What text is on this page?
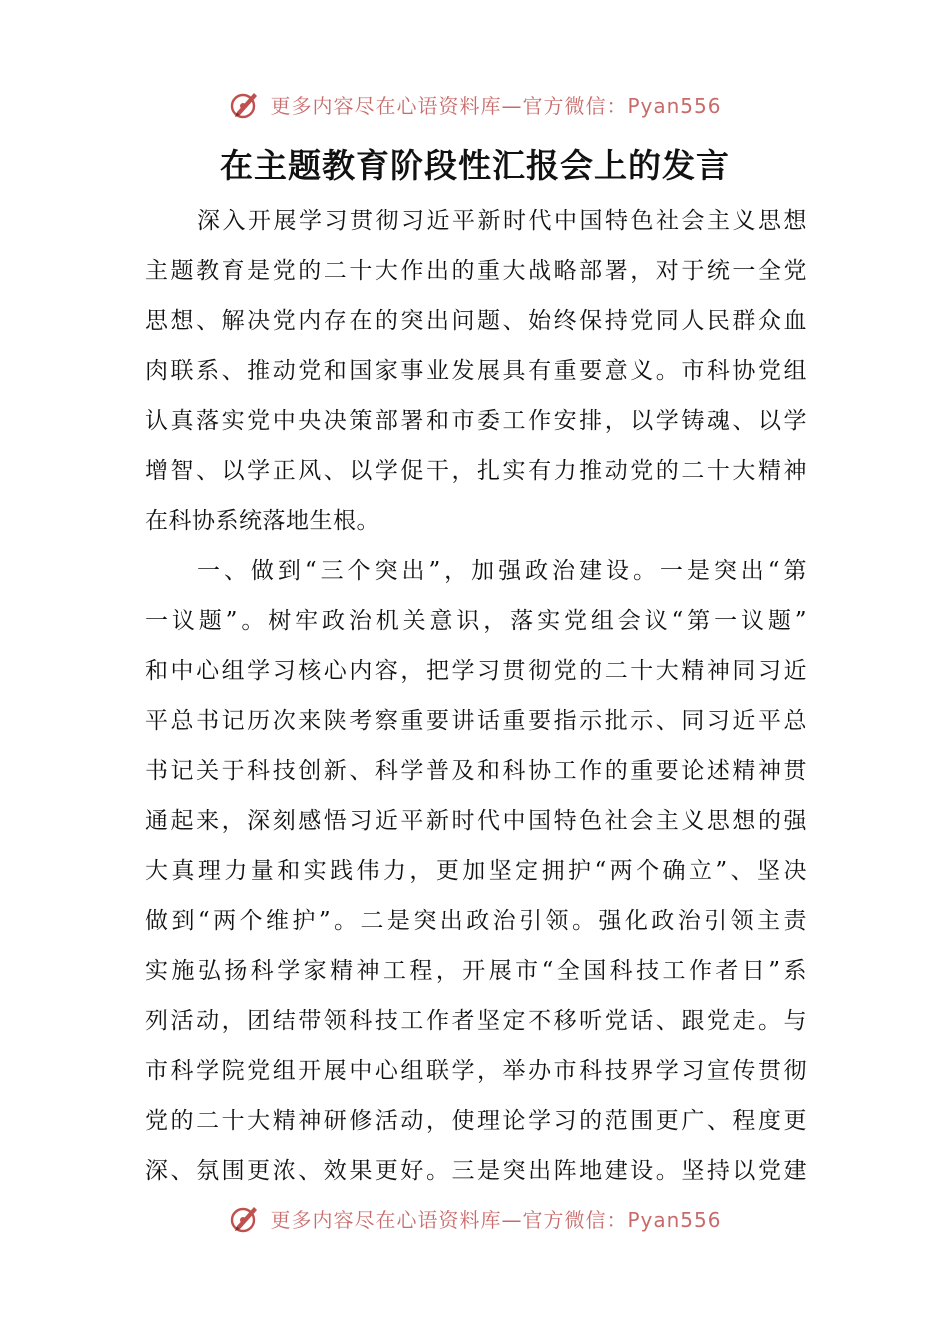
更多内容尽在心语资料库—官方微信：Pyan556
在主题教育阶段性汇报会上的发言
深入开展学习贯彻习近平新时代中国特色社会主义思想
主题教育是党的二十大作出的重大战略部署，对于统一全党
思想、解决党内存在的突出问题、始终保持党同人民群众血
肉联系、推动党和国家事业发展具有重要意义。市科协党组
认真落实党中央决策部署和市委工作安排，以学铸魂、以学
增智、以学正风、以学促干，扎实有力推动党的二十大精神
在科协系统落地生根。
一、做到“三个突出”，加强政治建设。一是突出“第
一议题”。树牢政治机关意识，落实党组会议“第一议题”
和中心组学习核心内容，把学习贯彻党的二十大精神同习近
平总书记历次来陕考察重要讲话重要指示批示、同习近平总
书记关于科技创新、科学普及和科协工作的重要论述精神贯
通起来，深刻感悟习近平新时代中国特色社会主义思想的强
大真理力量和实践伟力，更加坚定拥护“两个确立”、坚决
做到“两个维护”。二是突出政治引领。强化政治引领主责
实施弘扬科学家精神工程，开展市“全国科技工作者日”系
列活动，团结带领科技工作者坚定不移听党话、跟党走。与
市科学院党组开展中心组联学，举办市科技界学习宣传贯彻
党的二十大精神研修活动，使理论学习的范围更广、程度更
深、氛围更浓、效果更好。三是突出阵地建设。坚持以党建
更多内容尽在心语资料库—官方微信：Pyan556
